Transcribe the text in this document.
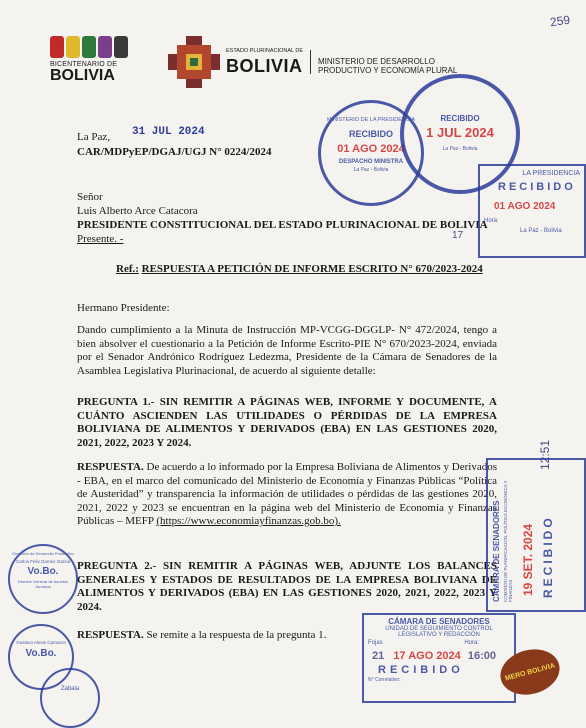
259
BICENTENARIO DE
BOLIVIA
ESTADO PLURINACIONAL DE
BOLIVIA MINISTERIO DE DESARROLLO
PRODUCTIVO Y ECONOMÍA PLURAL
La Paz, 31 JUL 2024
CAR/MDPyEP/DGAJ/UGJ N° 0224/2024
Señor
Luis Alberto Arce Catacora
PRESIDENTE CONSTITUCIONAL DEL ESTADO PLURINACIONAL DE BOLIVIA
Presente. -
Ref.: RESPUESTA A PETICIÓN DE INFORME ESCRITO N° 670/2023-2024
Hermano Presidente:
Dando cumplimiento a la Minuta de Instrucción MP-VCGG-DGGLP- N° 472/2024, tengo a bien absolver el cuestionario a la Petición de Informe Escrito-PIE N° 670/2023-2024, enviada por el Senador Andrónico Rodríguez Ledezma, Presidente de la Cámara de Senadores de la Asamblea Legislativa Plurinacional, de acuerdo al siguiente detalle:
PREGUNTA 1.- SIN REMITIR A PÁGINAS WEB, INFORME Y DOCUMENTE, A CUÁNTO ASCIENDEN LAS UTILIDADES O PÉRDIDAS DE LA EMPRESA BOLIVIANA DE ALIMENTOS Y DERIVADOS (EBA) EN LAS GESTIONES 2020, 2021, 2022, 2023 Y 2024.
RESPUESTA. De acuerdo a lo informado por la Empresa Boliviana de Alimentos y Derivados - EBA, en el marco del comunicado del Ministerio de Economía y Finanzas Públicas “Política de Austeridad” y transparencia la información de utilidades o pérdidas de las gestiones 2020, 2021, 2022 y 2023 se encuentran en la página web del Ministerio de Economía y Finanzas Públicas – MEFP (https://www.economiayfinanzas.gob.bo).
PREGUNTA 2.- SIN REMITIR A PÁGINAS WEB, ADJUNTE LOS BALANCES GENERALES Y ESTADOS DE RESULTADOS DE LA EMPRESA BOLIVIANA DE ALIMENTOS Y DERIVADOS (EBA) EN LAS GESTIONES 2020, 2021, 2022, 2023 Y 2024.
RESPUESTA. Se remite a la respuesta de la pregunta 1.
MINISTERIO DE LA PRESIDENCIA
RECIBIDO
01 AGO 2024
DESPACHO MINISTRA
La Paz - Bolivia
RECIBIDO
1 JUL 2024
La Paz - Bolivia
LA PRESIDENCIA
RECIBIDO
01 AGO 2024
Hora:
La Paz - Bolivia
17
CÁMARA DE SENADORES COMISIÓN DE PLANIFICACIÓN, POLÍTICA ECONÓMICA Y FINANZAS 19 SET. 2024 RECIBIDO
12:51
CÁMARA DE SENADORES
UNIDAD DE SEGUIMIENTO CONTROL
LEGISLATIVO Y REDACCIÓN
Fojas	Hora:
21 17 AGO 2024 16:00
RECIBIDO
N° Correlativo:
Dirección de Desarrollo Productivo
Carlos Felix Gomez Garcia
Vo.Bo.
Director General de Asuntos Jurídicos
Gustavo Alexis Carranza
Vo.Bo.
Zabala
MERO BOLIVIA
